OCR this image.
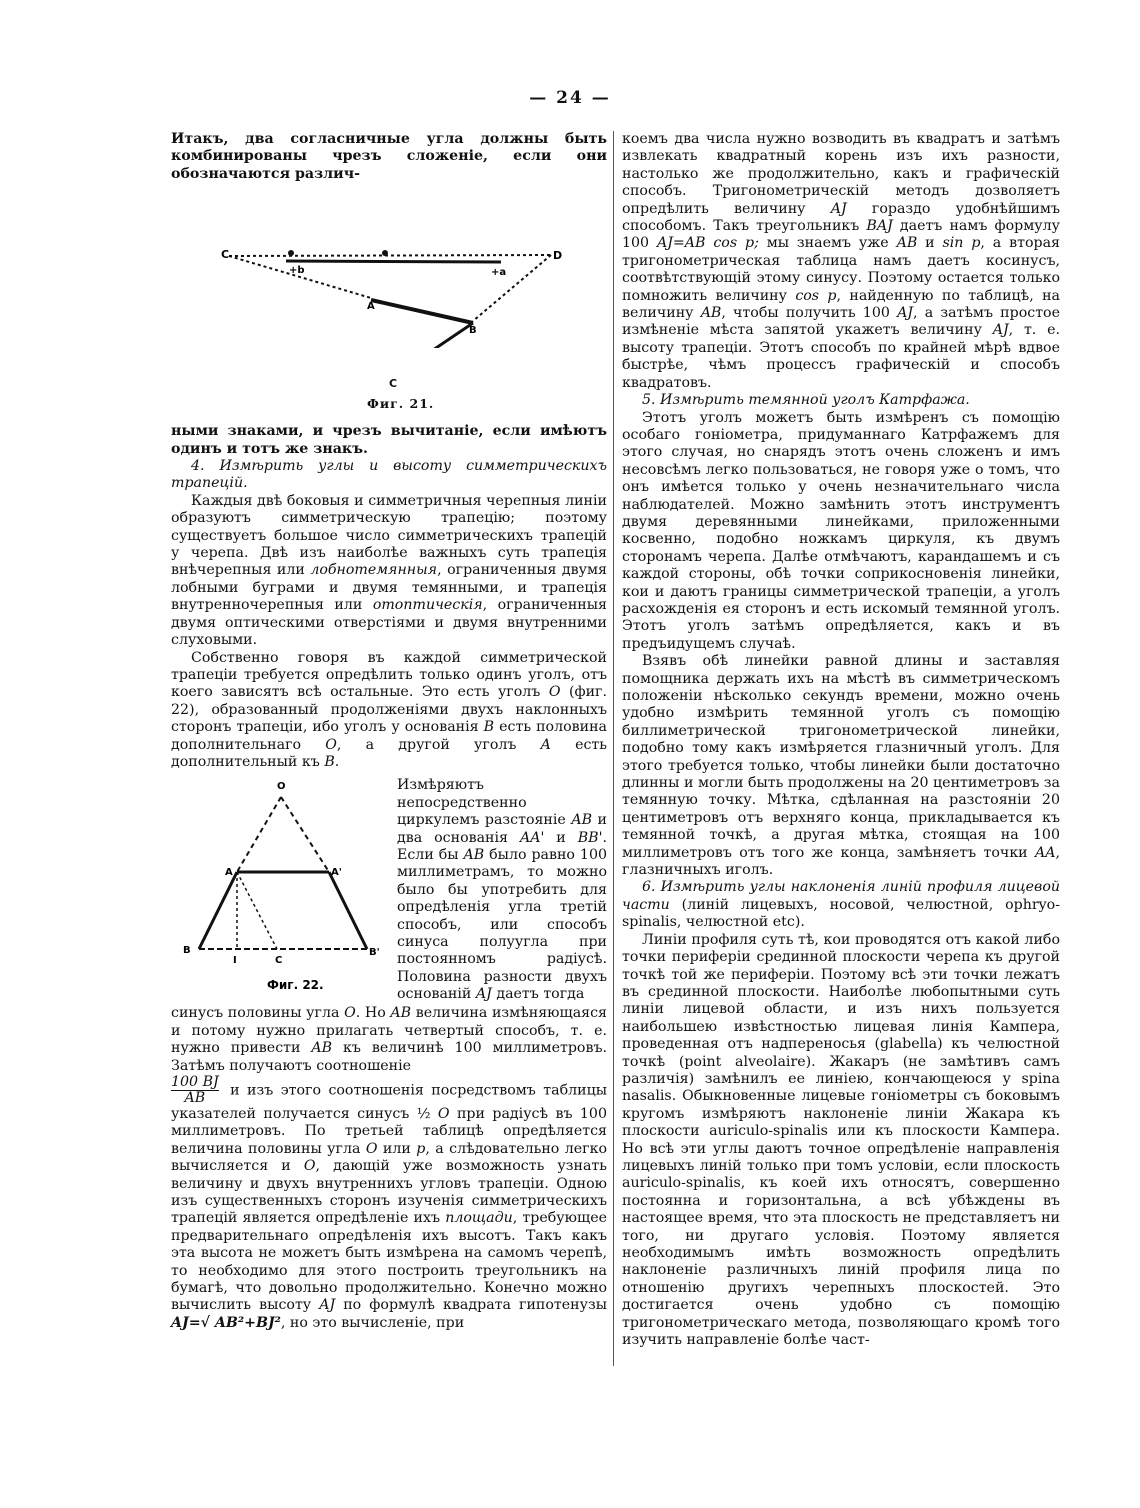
— 24 —

Итакъ, два согласничные угла должны быть комбинированы чрезъ сложеніе, если они обозначаются различ-

C	D
+b	+a
A
B
C
Фиг. 21.

ными знаками, и чрезъ вычитаніе, если имѣютъ одинъ и тотъ же знакъ.

4. Измѣрить углы и высоту симметрическихъ трапецій.

Каждыя двѣ боковыя и симметричныя черепныя линіи образуютъ симметрическую трапецію; поэтому существуетъ большое число симметрическихъ трапецій у черепа. Двѣ изъ наиболѣе важныхъ суть трапеція внѣчерепныя или лобнотемянныя, ограниченныя двумя лобными буграми и двумя темянными, и трапеція внутренночерепныя или отоптическія, ограниченныя двумя оптическими отверстіями и двумя внутренними слуховыми.

Собственно говоря въ каждой симметрической трапеціи требуется опредѣлить только одинъ уголъ, отъ коего зависятъ всѣ остальные. Это есть уголъ O (фиг. 22), образованный продолженіями двухъ наклонныхъ сторонъ трапеціи, ибо уголъ у основанія B есть половина дополнительнаго O, а другой уголъ A есть дополнительный къ B.

O
A	A'
B
I	C
B'
Фиг. 22.
Измѣряютъ непосредственно циркулемъ разстояніе AB и два основанія AA' и BB'. Если бы AB было равно 100 миллиметрамъ, то можно было бы употребить для опредѣленія угла третій способъ, или способъ синуса полуугла при постоянномъ радіусѣ. Половина разности двухъ основаній AJ даетъ тогда

синусъ половины угла O. Но AB величина измѣняющаяся и потому нужно прилагать четвертый способъ, т. е. нужно привести AB къ величинѣ 100 миллиметровъ. Затѣмъ получаютъ соотношеніе

$\frac{100 BJ}{AB}$ и изъ этого соотношенія посредствомъ таблицы указателей получается синусъ ½ O при радіусѣ въ 100 миллиметровъ. По третьей таблицѣ опредѣляется величина половины угла O или p, а слѣдовательно легко вычисляется и O, дающій уже возможность узнать величину и двухъ внутреннихъ угловъ трапеціи. Одною изъ существенныхъ сторонъ изученія симметрическихъ трапецій является опредѣленіе ихъ площади, требующее предварительнаго опредѣленія ихъ высотъ. Такъ какъ эта высота не можетъ быть измѣрена на самомъ черепѣ, то необходимо для этого построить треугольникъ на бумагѣ, что довольно продолжительно. Конечно можно вычислить высоту AJ по формулѣ квадрата гипотенузы AJ=√ AB²+BJ², но это вычисленіе, при

коемъ два числа нужно возводить въ квадратъ и затѣмъ извлекать квадратный корень изъ ихъ разности, настолько же продолжительно, какъ и графическій способъ. Тригонометрическій методъ дозволяетъ опредѣлить величину AJ гораздо удобнѣйшимъ способомъ. Такъ треугольникъ BAJ даетъ намъ формулу 100 AJ=AB cos p; мы знаемъ уже AB и sin p, а вторая тригонометрическая таблица намъ даетъ косинусъ, соотвѣтствующій этому синусу. Поэтому остается только помножить величину cos p, найденную по таблицѣ, на величину AB, чтобы получить 100 AJ, а затѣмъ простое измѣненіе мѣста запятой укажетъ величину AJ, т. е. высоту трапеціи. Этотъ способъ по крайней мѣрѣ вдвое быстрѣе, чѣмъ процессъ графическій и способъ квадратовъ.

5. Измѣрить темянной уголъ Катрфажа.

Этотъ уголъ можетъ быть измѣренъ съ помощію особаго гоніометра, придуманнаго Катрфажемъ для этого случая, но снарядъ этотъ очень сложенъ и имъ несовсѣмъ легко пользоваться, не говоря уже о томъ, что онъ имѣется только у очень незначительнаго числа наблюдателей. Можно замѣнить этотъ инструментъ двумя деревянными линейками, приложенными косвенно, подобно ножкамъ циркуля, къ двумъ сторонамъ черепа. Далѣе отмѣчаютъ, карандашемъ и съ каждой стороны, обѣ точки соприкосновенія линейки, кои и даютъ границы симметрической трапеціи, а уголъ расхожденія ея сторонъ и есть искомый темянной уголъ. Этотъ уголъ затѣмъ опредѣляется, какъ и въ предъидущемъ случаѣ.

Взявъ обѣ линейки равной длины и заставляя помощника держать ихъ на мѣстѣ въ симметрическомъ положеніи нѣсколько секундъ времени, можно очень удобно измѣрить темянной уголъ съ помощію биллиметрической тригонометрической линейки, подобно тому какъ измѣряется глазничный уголъ. Для этого требуется только, чтобы линейки были достаточно длинны и могли быть продолжены на 20 центиметровъ за темянную точку. Мѣтка, сдѣланная на разстояніи 20 центиметровъ отъ верхняго конца, прикладывается къ темянной точкѣ, а другая мѣтка, стоящая на 100 миллиметровъ отъ того же конца, замѣняетъ точки AA, глазничныхъ иголъ.

6. Измѣрить углы наклоненія линій профиля лицевой части (линій лицевыхъ, носовой, челюстной, ophryo-spinalis, челюстной etc).

Линіи профиля суть тѣ, кои проводятся отъ какой либо точки периферіи срединной плоскости черепа къ другой точкѣ той же периферіи. Поэтому всѣ эти точки лежатъ въ срединной плоскости. Наиболѣе любопытными суть линіи лицевой области, и изъ нихъ пользуется наибольшею извѣстностью лицевая линія Кампера, проведенная отъ надпереносья (glabella) къ челюстной точкѣ (point alveolaire). Жакаръ (не замѣтивъ самъ различія) замѣнилъ ее линіею, кончающеюся у spina nasalis. Обыкновенные лицевые гоніометры съ боковымъ кругомъ измѣряютъ наклоненіе линіи Жакара къ плоскости auriculo-spinalis или къ плоскости Кампера. Но всѣ эти углы даютъ точное опредѣленіе направленія лицевыхъ линій только при томъ условіи, если плоскость auriculo-spinalis, къ коей ихъ относятъ, совершенно постоянна и горизонтальна, а всѣ убѣждены въ настоящее время, что эта плоскость не представляетъ ни того, ни другаго условія. Поэтому является необходимымъ имѣть возможность опредѣлить наклоненіе различныхъ линій профиля лица по отношенію другихъ черепныхъ плоскостей. Это достигается очень удобно съ помощію тригонометрическаго метода, позволяющаго кромѣ того изучить направленіе болѣе част-
